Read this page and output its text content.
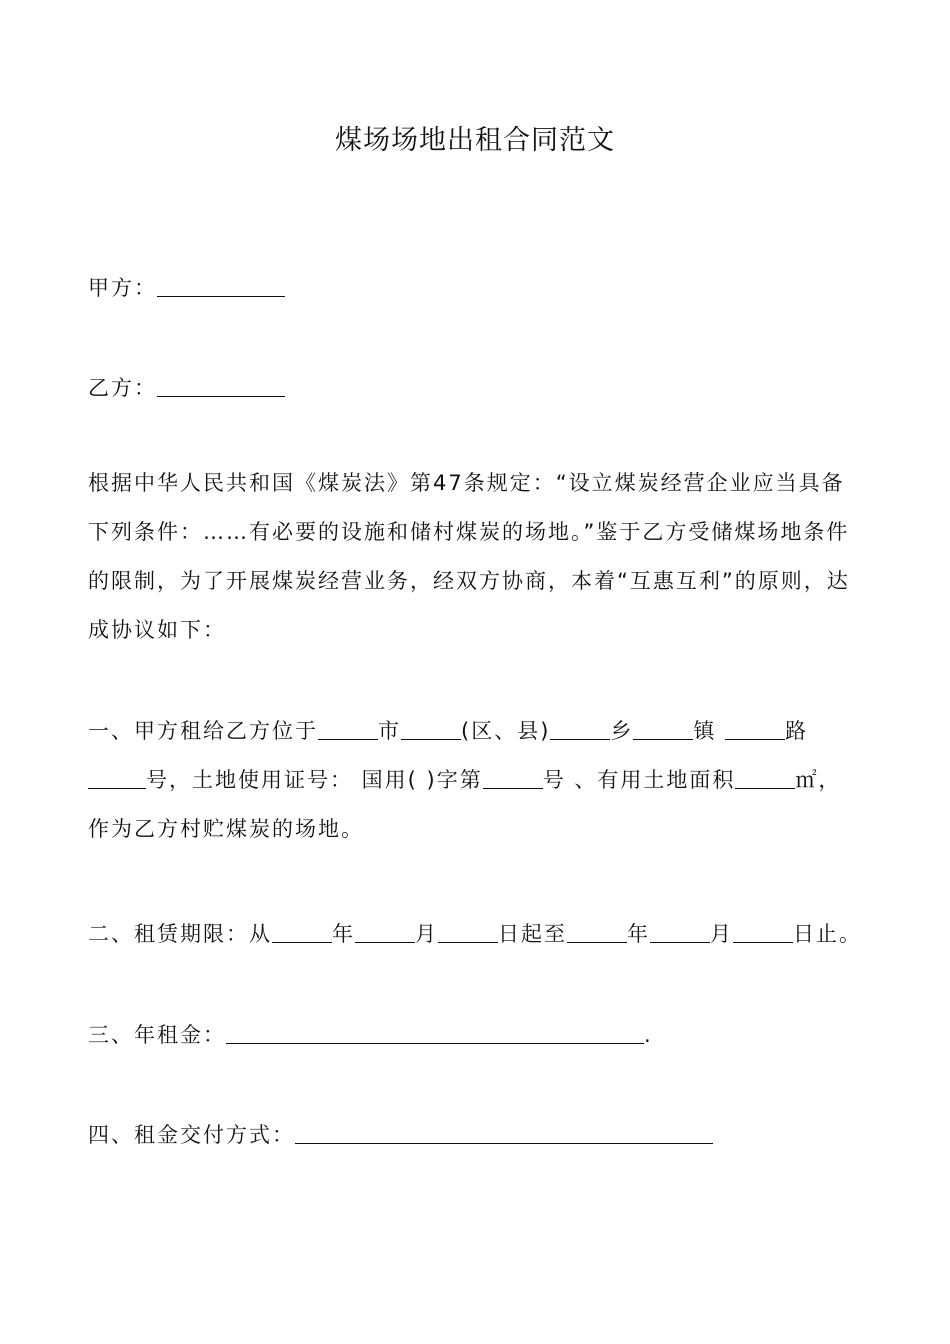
煤场场地出租合同范文
甲方：
乙方：
根据中华人民共和国《煤炭法》第47条规定：“设立煤炭经营企业应当具备下列条件：……有必要的设施和储村煤炭的场地。”鉴于乙方受储煤场地条件的限制，为了开展煤炭经营业务，经双方协商，本着“互惠互利”的原则，达成协议如下：
一、甲方租给乙方位于	市	(区、县)	乡	镇	路号，土地使用证号： 国用( )字第	号 、有用土地面积	㎡，作为乙方村贮煤炭的场地。
二、租赁期限：从	年	月	日起至	年	月	日止。
三、年租金：	.
四、租金交付方式：
